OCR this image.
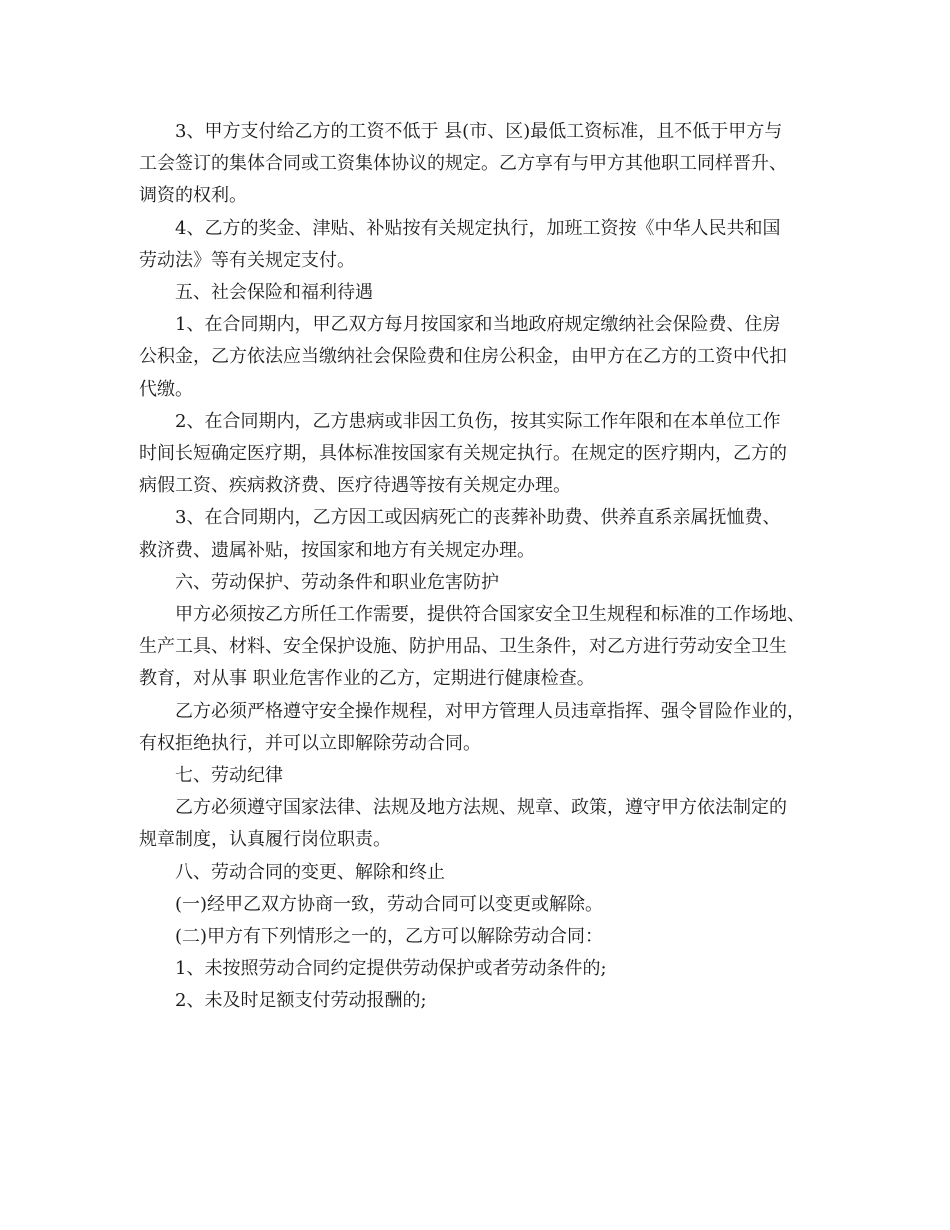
3、甲方支付给乙方的工资不低于 县(市、区)最低工资标准，且不低于甲方与

工会签订的集体合同或工资集体协议的规定。乙方享有与甲方其他职工同样晋升、

调资的权利。

4、乙方的奖金、津贴、补贴按有关规定执行，加班工资按《中华人民共和国

劳动法》等有关规定支付。

五、社会保险和福利待遇

1、在合同期内，甲乙双方每月按国家和当地政府规定缴纳社会保险费、住房

公积金，乙方依法应当缴纳社会保险费和住房公积金，由甲方在乙方的工资中代扣

代缴。

2、在合同期内，乙方患病或非因工负伤，按其实际工作年限和在本单位工作

时间长短确定医疗期，具体标准按国家有关规定执行。在规定的医疗期内，乙方的

病假工资、疾病救济费、医疗待遇等按有关规定办理。

3、在合同期内，乙方因工或因病死亡的丧葬补助费、供养直系亲属抚恤费、

救济费、遗属补贴，按国家和地方有关规定办理。

六、劳动保护、劳动条件和职业危害防护

甲方必须按乙方所任工作需要，提供符合国家安全卫生规程和标准的工作场地、

生产工具、材料、安全保护设施、防护用品、卫生条件，对乙方进行劳动安全卫生

教育，对从事 职业危害作业的乙方，定期进行健康检查。

乙方必须严格遵守安全操作规程，对甲方管理人员违章指挥、强令冒险作业的，

有权拒绝执行，并可以立即解除劳动合同。

七、劳动纪律

乙方必须遵守国家法律、法规及地方法规、规章、政策，遵守甲方依法制定的

规章制度，认真履行岗位职责。

八、劳动合同的变更、解除和终止

(一)经甲乙双方协商一致，劳动合同可以变更或解除。

(二)甲方有下列情形之一的，乙方可以解除劳动合同：

1、未按照劳动合同约定提供劳动保护或者劳动条件的;

2、未及时足额支付劳动报酬的;
